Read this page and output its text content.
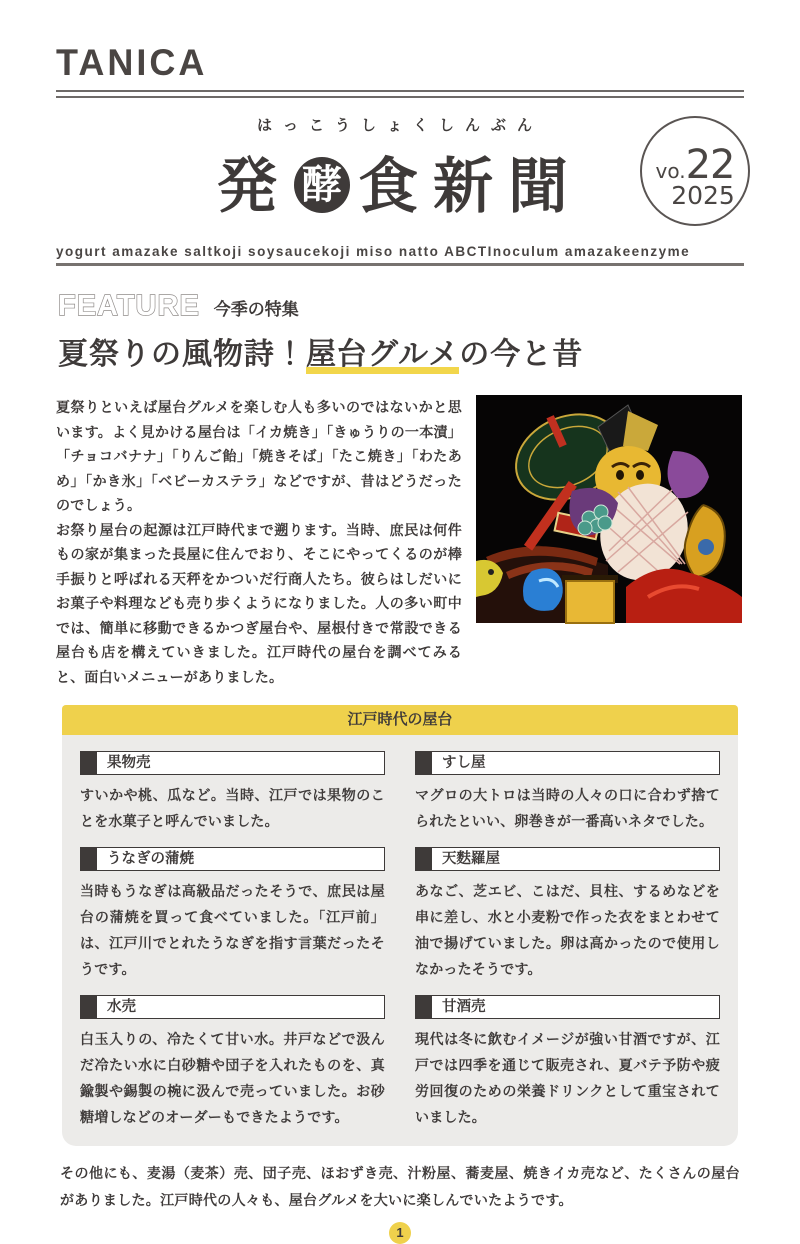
TANICA
はっこうしょくしんぶん
発 酵 食新聞	vo.22
2025
yogurt amazake saltkoji soysaucekoji miso natto ABCTInoculum amazakeenzyme
FEATURE 今季の特集
夏祭りの風物詩！屋台グルメの今と昔

夏祭りといえば屋台グルメを楽しむ人も多いのではないかと思います。よく見かける屋台は「イカ焼き」「きゅうりの一本漬」「チョコバナナ」「りんご飴」「焼きそば」「たこ焼き」「わたあめ」「かき氷」「ベビーカステラ」などですが、昔はどうだったのでしょう。

お祭り屋台の起源は江戸時代まで遡ります。当時、庶民は何件もの家が集まった長屋に住んでおり、そこにやってくるのが棒手振りと呼ばれる天秤をかついだ行商人たち。彼らはしだいにお菓子や料理なども売り歩くようになりました。人の多い町中では、簡単に移動できるかつぎ屋台や、屋根付きで常設できる屋台も店を構えていきました。江戸時代の屋台を調べてみると、面白いメニューがありました。

江戸時代の屋台
果物売
すいかや桃、瓜など。当時、江戸では果物のことを水菓子と呼んでいました。
すし屋
マグロの大トロは当時の人々の口に合わず捨てられたといい、卵巻きが一番高いネタでした。
うなぎの蒲焼
当時もうなぎは高級品だったそうで、庶民は屋台の蒲焼を買って食べていました。「江戸前」は、江戸川でとれたうなぎを指す言葉だったそうです。
天麩羅屋
あなご、芝エビ、こはだ、貝柱、するめなどを串に差し、水と小麦粉で作った衣をまとわせて油で揚げていました。卵は高かったので使用しなかったそうです。
水売
白玉入りの、冷たくて甘い水。井戸などで汲んだ冷たい水に白砂糖や団子を入れたものを、真鍮製や錫製の椀に汲んで売っていました。お砂糖増しなどのオーダーもできたようです。
甘酒売
現代は冬に飲むイメージが強い甘酒ですが、江戸では四季を通じて販売され、夏バテ予防や疲労回復のための栄養ドリンクとして重宝されていました。

その他にも、麦湯（麦茶）売、団子売、ほおずき売、汁粉屋、蕎麦屋、焼きイカ売など、たくさんの屋台がありました。江戸時代の人々も、屋台グルメを大いに楽しんでいたようです。

1
